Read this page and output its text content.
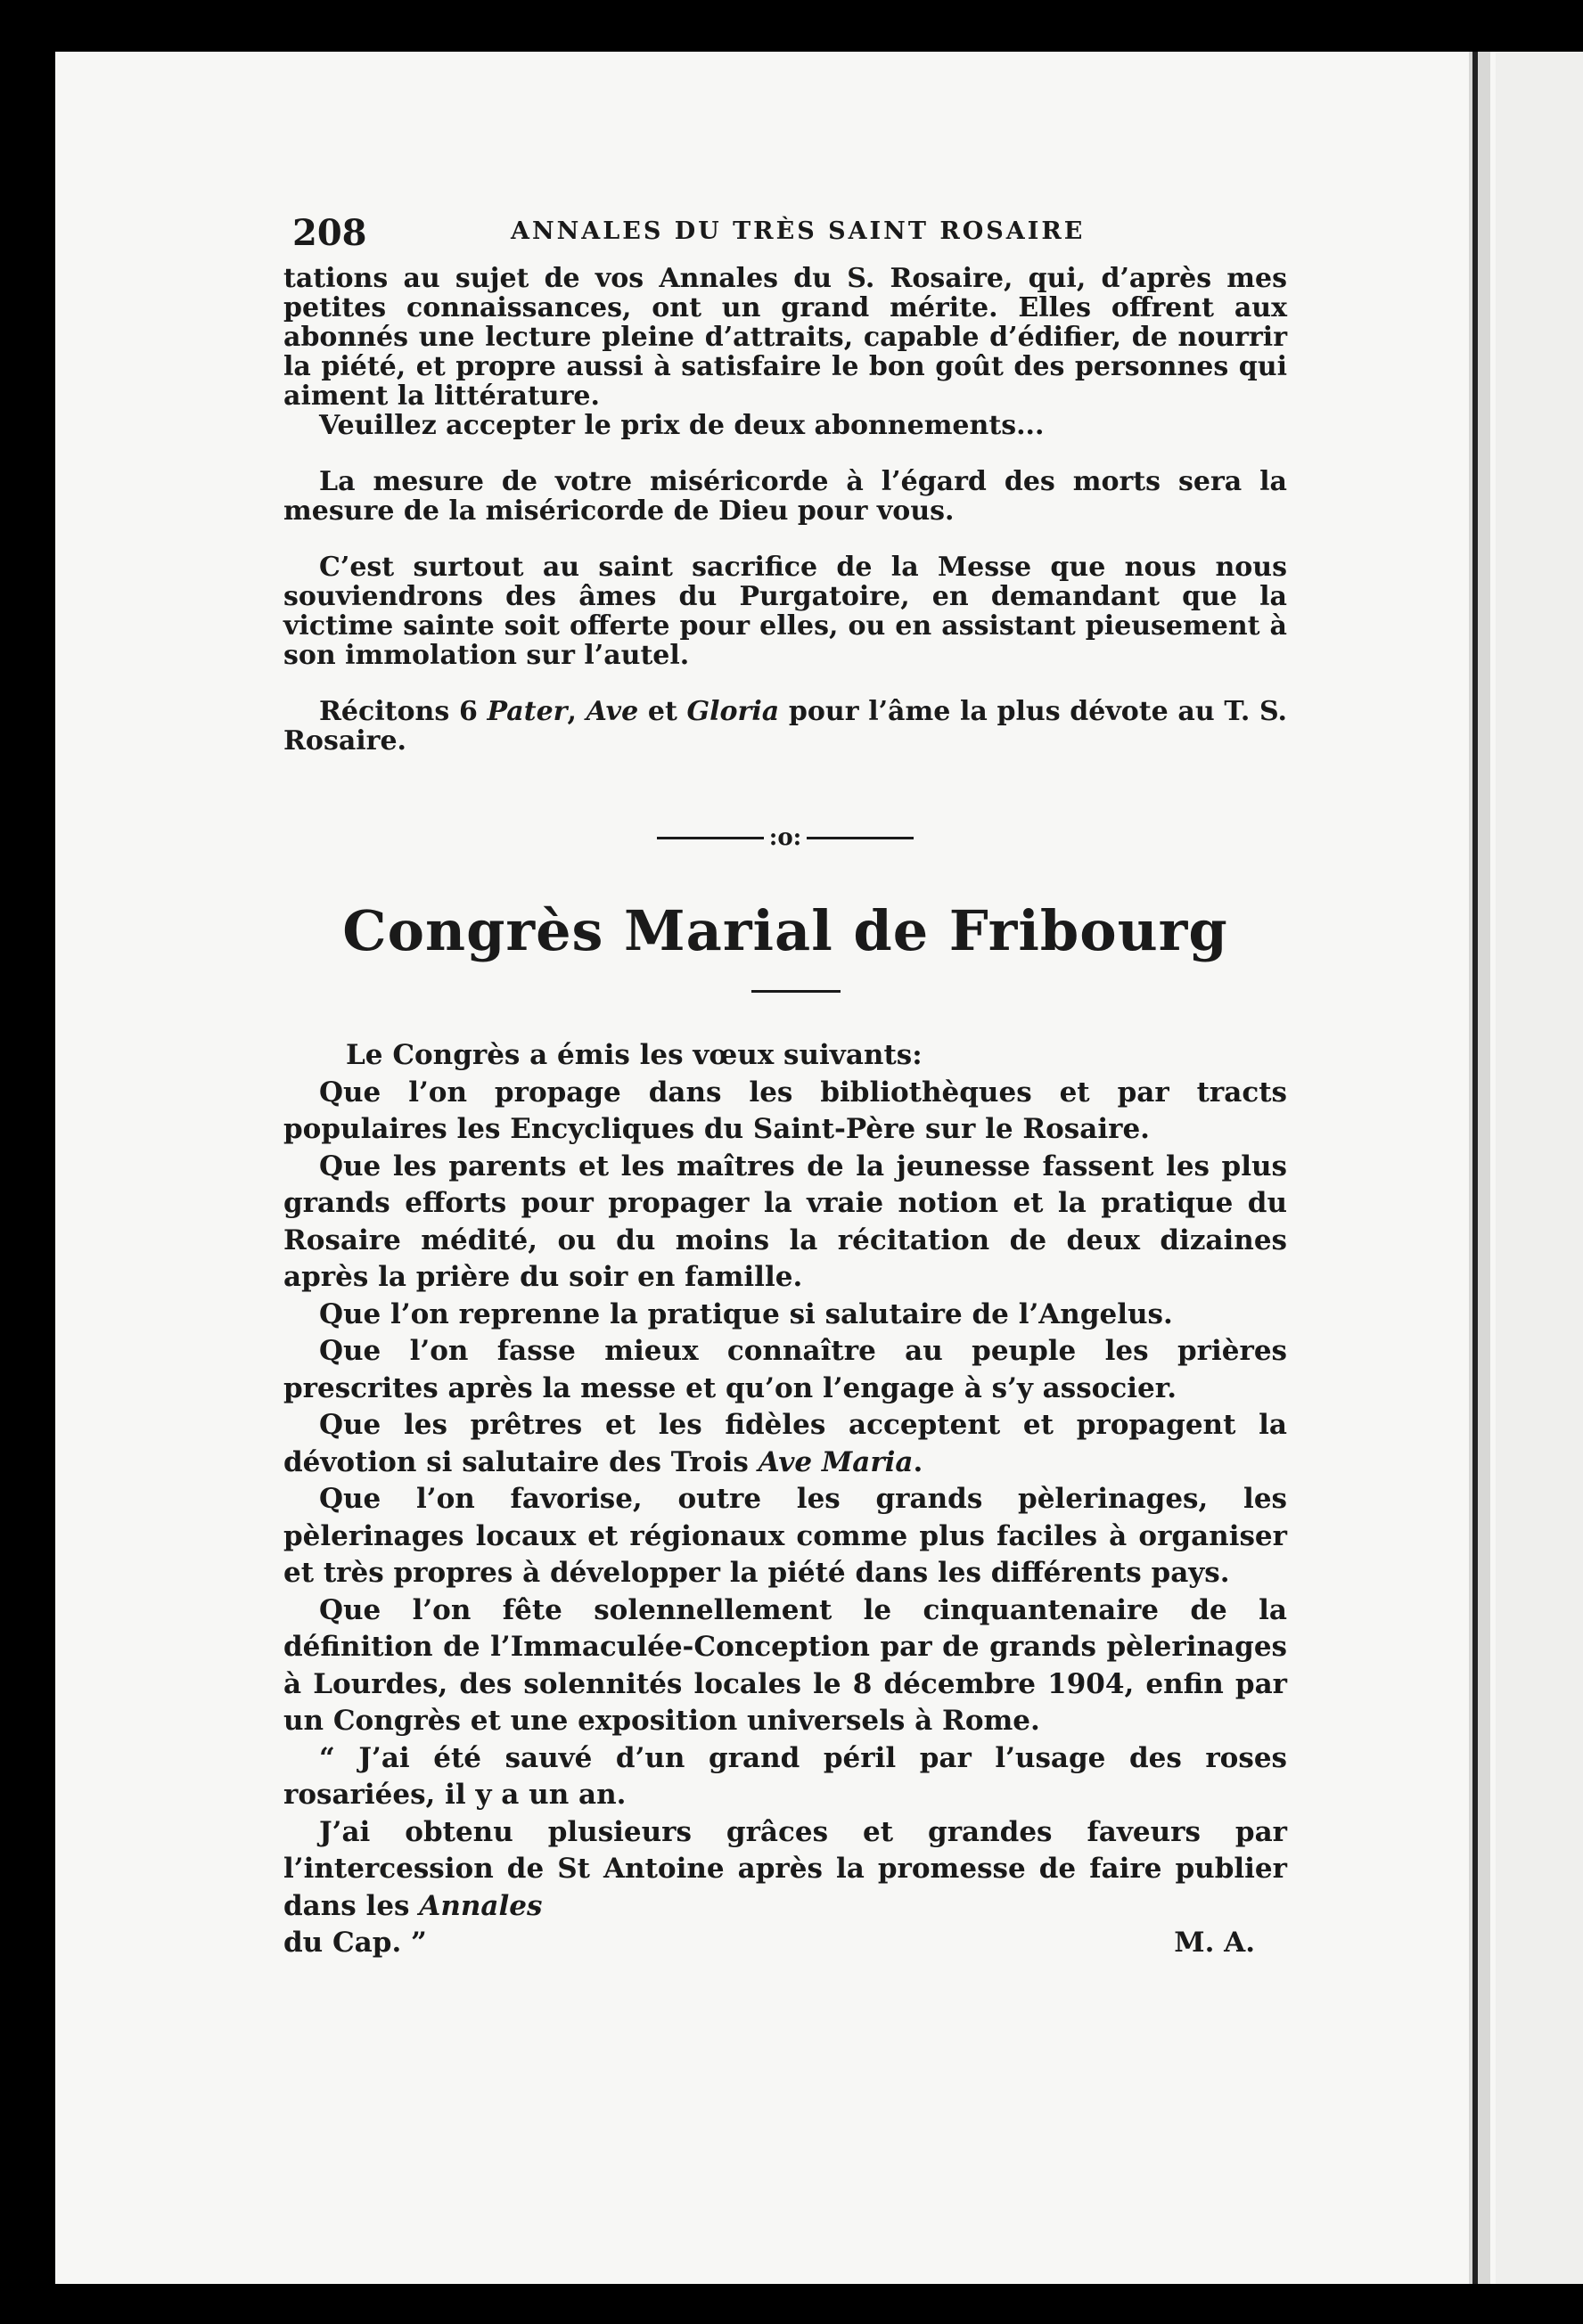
208	ANNALES DU TRÈS SAINT ROSAIRE

tations au sujet de vos Annales du S. Rosaire, qui, d’après mes petites connaissances, ont un grand mérite. Elles offrent aux abonnés une lecture pleine d’attraits, capable d’édifier, de nourrir la piété, et propre aussi à satisfaire le bon goût des personnes qui aiment la littérature.

Veuillez accepter le prix de deux abonnements...

La mesure de votre miséricorde à l’égard des morts sera la mesure de la miséricorde de Dieu pour vous.

C’est surtout au saint sacrifice de la Messe que nous nous souviendrons des âmes du Purgatoire, en demandant que la victime sainte soit offerte pour elles, ou en assistant pieusement à son immolation sur l’autel.

Récitons 6 Pater, Ave et Gloria pour l’âme la plus dévote au T. S. Rosaire.

:o:
Congrès Marial de Fribourg

Le Congrès a émis les vœux suivants:

Que l’on propage dans les bibliothèques et par tracts populaires les Encycliques du Saint-Père sur le Rosaire.

Que les parents et les maîtres de la jeunesse fassent les plus grands efforts pour propager la vraie notion et la pratique du Rosaire médité, ou du moins la récitation de deux dizaines après la prière du soir en famille.

Que l’on reprenne la pratique si salutaire de l’Angelus.

Que l’on fasse mieux connaître au peuple les prières prescrites après la messe et qu’on l’engage à s’y associer.

Que les prêtres et les fidèles acceptent et propagent la dévotion si salutaire des Trois Ave Maria.

Que l’on favorise, outre les grands pèlerinages, les pèlerinages locaux et régionaux comme plus faciles à organiser et très propres à développer la piété dans les différents pays.

Que l’on fête solennellement le cinquantenaire de la définition de l’Immaculée-Conception par de grands pèlerinages à Lourdes, des solennités locales le 8 décembre 1904, enfin par un Congrès et une exposition universels à Rome.

“ J’ai été sauvé d’un grand péril par l’usage des roses rosariées, il y a un an.

J’ai obtenu plusieurs grâces et grandes faveurs par l’intercession de St Antoine après la promesse de faire publier dans les Annales

du Cap. ”	M. A.
